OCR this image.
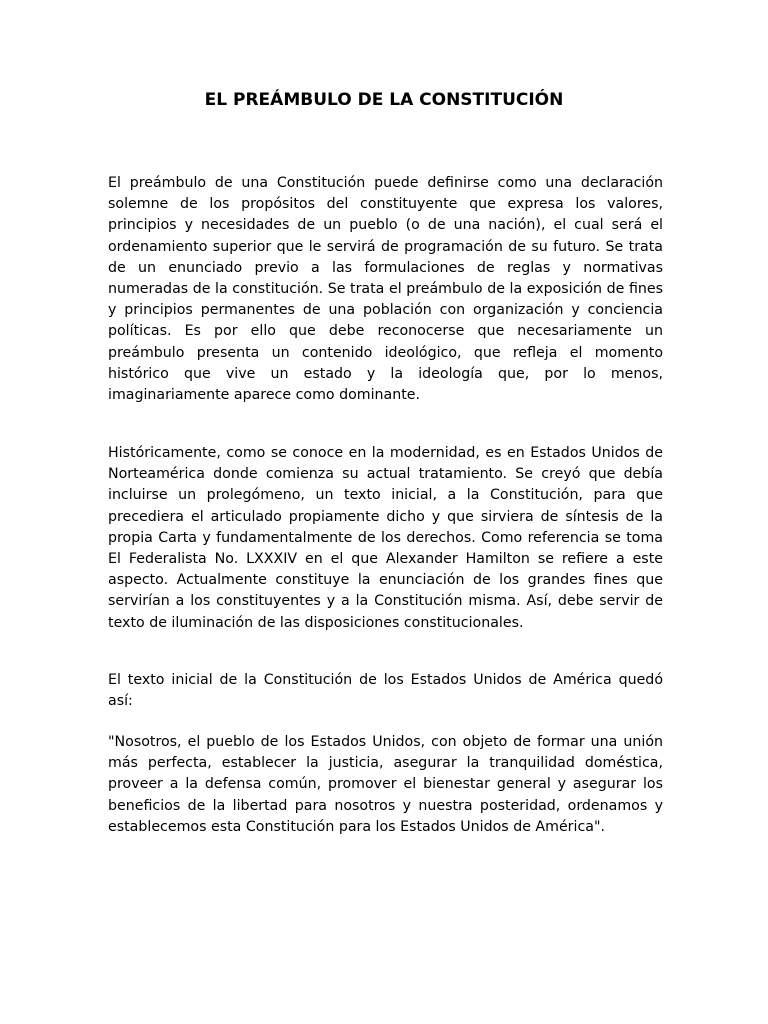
EL PREÁMBULO DE LA CONSTITUCIÓN

El preámbulo de una Constitución puede definirse como una declaración solemne de los propósitos del constituyente que expresa los valores, principios y necesidades de un pueblo (o de una nación), el cual será el ordenamiento superior que le servirá de programación de su futuro. Se trata de un enunciado previo a las formulaciones de reglas y normativas numeradas de la constitución. Se trata el preámbulo de la exposición de fines y principios permanentes de una población con organización y conciencia políticas. Es por ello que debe reconocerse que necesariamente un preámbulo presenta un contenido ideológico, que refleja el momento histórico que vive un estado y la ideología que, por lo menos, imaginariamente aparece como dominante.

Históricamente, como se conoce en la modernidad, es en Estados Unidos de Norteamérica donde comienza su actual tratamiento. Se creyó que debía incluirse un prolegómeno, un texto inicial, a la Constitución, para que precediera el articulado propiamente dicho y que sirviera de síntesis de la propia Carta y fundamentalmente de los derechos. Como referencia se toma El Federalista No. LXXXIV en el que Alexander Hamilton se refiere a este aspecto. Actualmente constituye la enunciación de los grandes fines que servirían a los constituyentes y a la Constitución misma. Así, debe servir de texto de iluminación de las disposiciones constitucionales.

El texto inicial de la Constitución de los Estados Unidos de América quedó así:

"Nosotros, el pueblo de los Estados Unidos, con objeto de formar una unión más perfecta, establecer la justicia, asegurar la tranquilidad doméstica, proveer a la defensa común, promover el bienestar general y asegurar los beneficios de la libertad para nosotros y nuestra posteridad, ordenamos y establecemos esta Constitución para los Estados Unidos de América".
